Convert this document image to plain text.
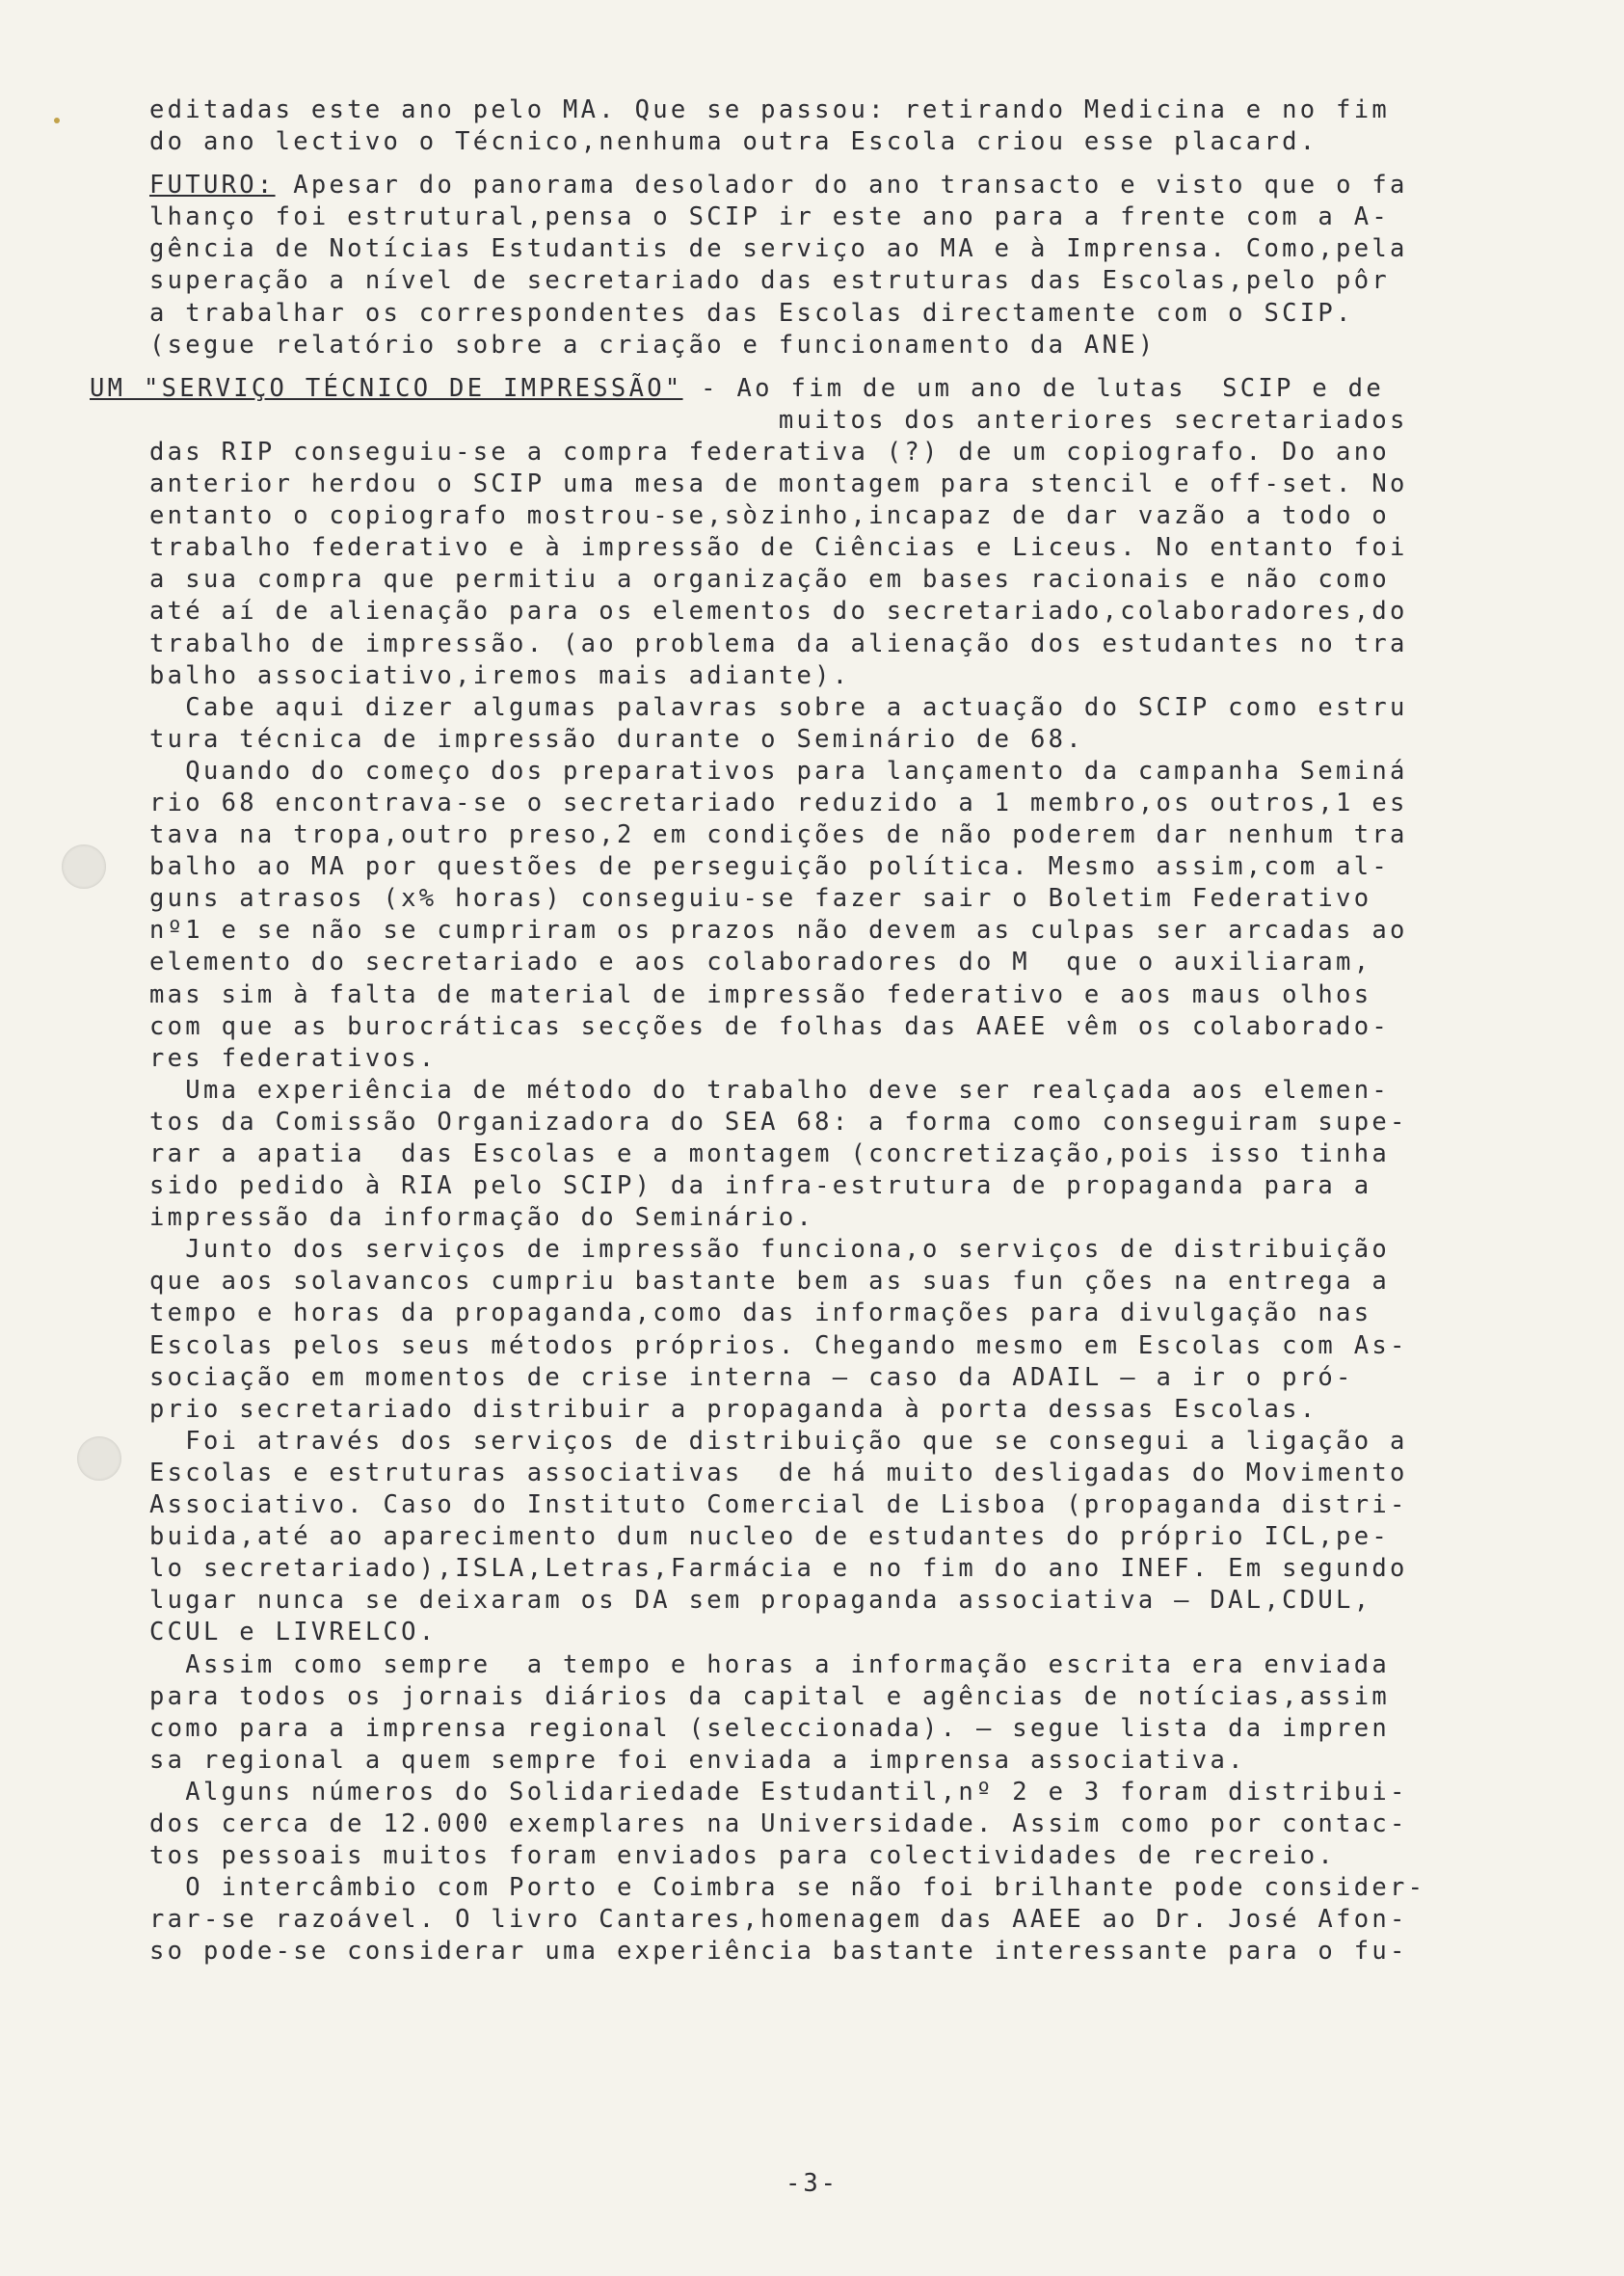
editadas este ano pelo MA. Que se passou: retirando Medicina e no fim
do ano lectivo o Técnico,nenhuma outra Escola criou esse placard.
FUTURO: Apesar do panorama desolador do ano transacto e visto que o fa
lhanço foi estrutural,pensa o SCIP ir este ano para a frente com a A-
gência de Notícias Estudantis de serviço ao MA e à Imprensa. Como,pela
superação a nível de secretariado das estruturas das Escolas,pelo pôr
a trabalhar os correspondentes das Escolas directamente com o SCIP.
(segue relatório sobre a criação e funcionamento da ANE)
UM "SERVIÇO TÉCNICO DE IMPRESSÃO" - Ao fim de um ano de lutas  SCIP e de
muitos dos anteriores secretariados
das RIP conseguiu-se a compra federativa (?) de um copiografo. Do ano
anterior herdou o SCIP uma mesa de montagem para stencil e off-set. No
entanto o copiografo mostrou-se,sòzinho,incapaz de dar vazão a todo o
trabalho federativo e à impressão de Ciências e Liceus. No entanto foi
a sua compra que permitiu a organização em bases racionais e não como
até aí de alienação para os elementos do secretariado,colaboradores,do
trabalho de impressão. (ao problema da alienação dos estudantes no tra
balho associativo,iremos mais adiante).
Cabe aqui dizer algumas palavras sobre a actuação do SCIP como estru
tura técnica de impressão durante o Seminário de 68.
Quando do começo dos preparativos para lançamento da campanha Seminá
rio 68 encontrava-se o secretariado reduzido a 1 membro,os outros,1 es
tava na tropa,outro preso,2 em condições de não poderem dar nenhum tra
balho ao MA por questões de perseguição política. Mesmo assim,com al-
guns atrasos (x% horas) conseguiu-se fazer sair o Boletim Federativo
nº1 e se não se cumpriram os prazos não devem as culpas ser arcadas ao
elemento do secretariado e aos colaboradores do M  que o auxiliaram,
mas sim à falta de material de impressão federativo e aos maus olhos
com que as burocráticas secções de folhas das AAEE vêm os colaborado-
res federativos.
Uma experiência de método do trabalho deve ser realçada aos elemen-
tos da Comissão Organizadora do SEA 68: a forma como conseguiram supe-
rar a apatia  das Escolas e a montagem (concretização,pois isso tinha
sido pedido à RIA pelo SCIP) da infra-estrutura de propaganda para a
impressão da informação do Seminário.
Junto dos serviços de impressão funciona,o serviços de distribuição
que aos solavancos cumpriu bastante bem as suas fun ções na entrega a
tempo e horas da propaganda,como das informações para divulgação nas
Escolas pelos seus métodos próprios. Chegando mesmo em Escolas com As-
sociação em momentos de crise interna — caso da ADAIL — a ir o pró-
prio secretariado distribuir a propaganda à porta dessas Escolas.
Foi através dos serviços de distribuição que se consegui a ligação a
Escolas e estruturas associativas  de há muito desligadas do Movimento
Associativo. Caso do Instituto Comercial de Lisboa (propaganda distri-
buida,até ao aparecimento dum nucleo de estudantes do próprio ICL,pe-
lo secretariado),ISLA,Letras,Farmácia e no fim do ano INEF. Em segundo
lugar nunca se deixaram os DA sem propaganda associativa — DAL,CDUL,
CCUL e LIVRELCO.
Assim como sempre  a tempo e horas a informação escrita era enviada
para todos os jornais diários da capital e agências de notícias,assim
como para a imprensa regional (seleccionada). — segue lista da impren
sa regional a quem sempre foi enviada a imprensa associativa.
Alguns números do Solidariedade Estudantil,nº 2 e 3 foram distribui-
dos cerca de 12.000 exemplares na Universidade. Assim como por contac-
tos pessoais muitos foram enviados para colectividades de recreio.
O intercâmbio com Porto e Coimbra se não foi brilhante pode consider-
rar-se razoável. O livro Cantares,homenagem das AAEE ao Dr. José Afon-
so pode-se considerar uma experiência bastante interessante para o fu-
-3-
